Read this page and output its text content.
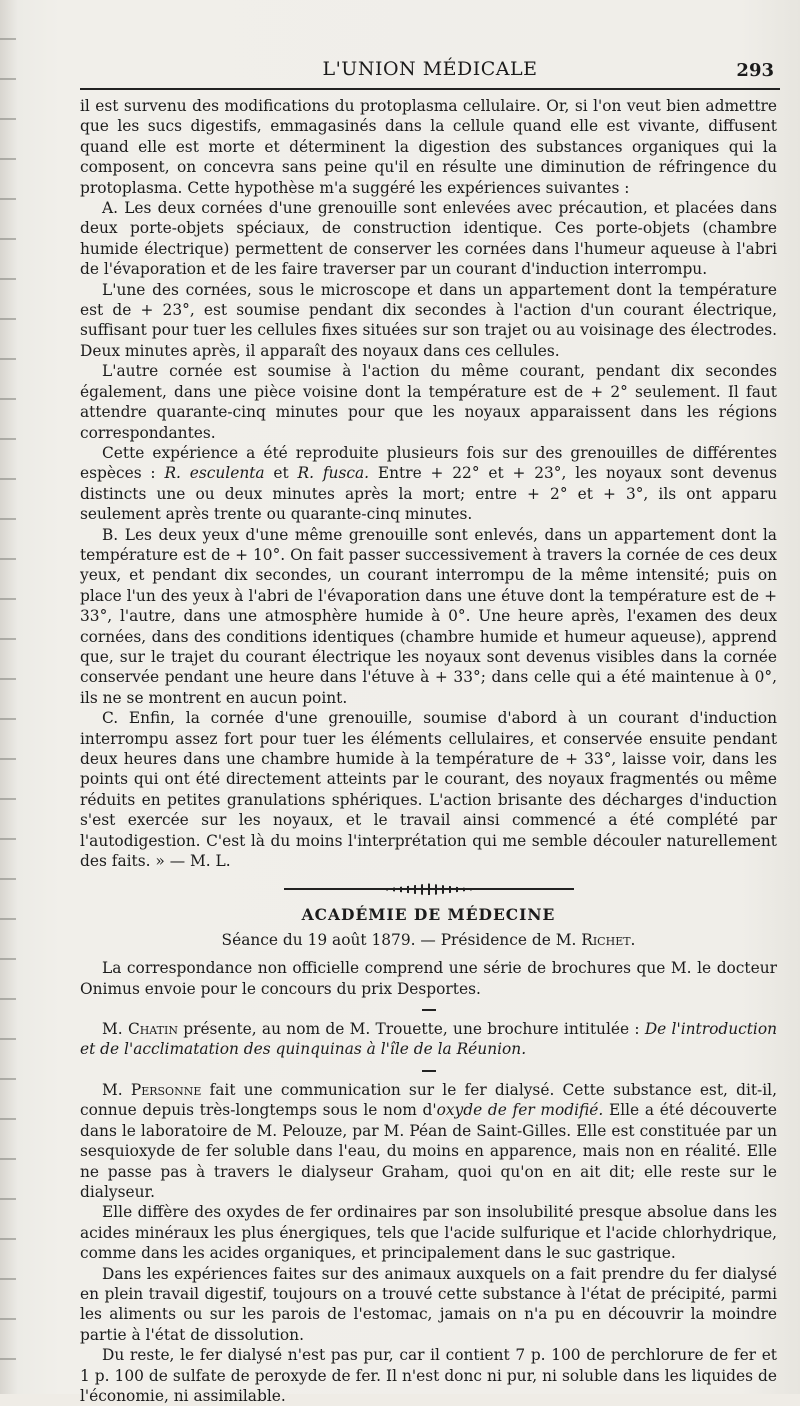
L'UNION MÉDICALE	293

il est survenu des modifications du protoplasma cellulaire. Or, si l'on veut bien admettre que les sucs digestifs, emmagasinés dans la cellule quand elle est vivante, diffusent quand elle est morte et déterminent la digestion des substances organiques qui la composent, on concevra sans peine qu'il en résulte une diminution de réfringence du protoplasma. Cette hypothèse m'a suggéré les expériences suivantes :

A. Les deux cornées d'une grenouille sont enlevées avec précaution, et placées dans deux porte-objets spéciaux, de construction identique. Ces porte-objets (chambre humide électrique) permettent de conserver les cornées dans l'humeur aqueuse à l'abri de l'évaporation et de les faire traverser par un courant d'induction interrompu.

L'une des cornées, sous le microscope et dans un appartement dont la température est de + 23°, est soumise pendant dix secondes à l'action d'un courant électrique, suffisant pour tuer les cellules fixes situées sur son trajet ou au voisinage des électrodes. Deux minutes après, il apparaît des noyaux dans ces cellules.

L'autre cornée est soumise à l'action du même courant, pendant dix secondes également, dans une pièce voisine dont la température est de + 2° seulement. Il faut attendre quarante-cinq minutes pour que les noyaux apparaissent dans les régions correspondantes.

Cette expérience a été reproduite plusieurs fois sur des grenouilles de différentes espèces : R. esculenta et R. fusca. Entre + 22° et + 23°, les noyaux sont devenus distincts une ou deux minutes après la mort; entre + 2° et + 3°, ils ont apparu seulement après trente ou quarante-cinq minutes.

B. Les deux yeux d'une même grenouille sont enlevés, dans un appartement dont la température est de + 10°. On fait passer successivement à travers la cornée de ces deux yeux, et pendant dix secondes, un courant interrompu de la même intensité; puis on place l'un des yeux à l'abri de l'évaporation dans une étuve dont la température est de + 33°, l'autre, dans une atmosphère humide à 0°. Une heure après, l'examen des deux cornées, dans des conditions identiques (chambre humide et humeur aqueuse), apprend que, sur le trajet du courant électrique les noyaux sont devenus visibles dans la cornée conservée pendant une heure dans l'étuve à + 33°; dans celle qui a été maintenue à 0°, ils ne se montrent en aucun point.

C. Enfin, la cornée d'une grenouille, soumise d'abord à un courant d'induction interrompu assez fort pour tuer les éléments cellulaires, et conservée ensuite pendant deux heures dans une chambre humide à la température de + 33°, laisse voir, dans les points qui ont été directement atteints par le courant, des noyaux fragmentés ou même réduits en petites granulations sphériques. L'action brisante des décharges d'induction s'est exercée sur les noyaux, et le travail ainsi commencé a été complété par l'autodigestion. C'est là du moins l'interprétation qui me semble découler naturellement des faits. » — M. L.

ACADÉMIE DE MÉDECINE
Séance du 19 août 1879. — Présidence de M. Richet.

La correspondance non officielle comprend une série de brochures que M. le docteur Onimus envoie pour le concours du prix Desportes.

M. Chatin présente, au nom de M. Trouette, une brochure intitulée : De l'introduction et de l'acclimatation des quinquinas à l'île de la Réunion.

M. Personne fait une communication sur le fer dialysé. Cette substance est, dit-il, connue depuis très-longtemps sous le nom d'oxyde de fer modifié. Elle a été découverte dans le laboratoire de M. Pelouze, par M. Péan de Saint-Gilles. Elle est constituée par un sesquioxyde de fer soluble dans l'eau, du moins en apparence, mais non en réalité. Elle ne passe pas à travers le dialyseur Graham, quoi qu'on en ait dit; elle reste sur le dialyseur.

Elle diffère des oxydes de fer ordinaires par son insolubilité presque absolue dans les acides minéraux les plus énergiques, tels que l'acide sulfurique et l'acide chlorhydrique, comme dans les acides organiques, et principalement dans le suc gastrique.

Dans les expériences faites sur des animaux auxquels on a fait prendre du fer dialysé en plein travail digestif, toujours on a trouvé cette substance à l'état de précipité, parmi les aliments ou sur les parois de l'estomac, jamais on n'a pu en découvrir la moindre partie à l'état de dissolution.

Du reste, le fer dialysé n'est pas pur, car il contient 7 p. 100 de perchlorure de fer et 1 p. 100 de sulfate de peroxyde de fer. Il n'est donc ni pur, ni soluble dans les liquides de l'économie, ni assimilable.
